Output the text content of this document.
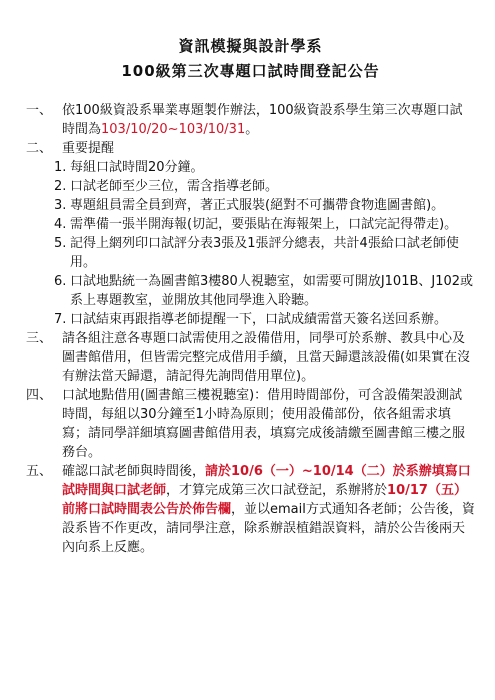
資訊模擬與設計學系
100級第三次專題口試時間登記公告
一、 依100級資設系畢業專題製作辦法，100級資設系學生第三次專題口試時間為103/10/20~103/10/31。
二、 重要提醒
1. 每組口試時間20分鐘。
2. 口試老師至少三位，需含指導老師。
3. 專題組員需全員到齊，著正式服裝(絕對不可攜帶食物進圖書館)。
4. 需準備一張半開海報(切記，要張貼在海報架上，口試完記得帶走)。
5. 記得上網列印口試評分表3張及1張評分總表，共計4張給口試老師使用。
6. 口試地點統一為圖書館3樓80人視聽室，如需要可開放J101B、J102或系上專題教室，並開放其他同學進入聆聽。
7. 口試結束再跟指導老師提醒一下，口試成績需當天簽名送回系辦。
三、 請各組注意各專題口試需使用之設備借用，同學可於系辦、教具中心及圖書館借用，但皆需完整完成借用手續，且當天歸還該設備(如果實在沒有辦法當天歸還，請記得先詢問借用單位)。
四、 口試地點借用(圖書館三樓視聽室)：借用時間部份，可含設備架設測試時間，每組以30分鐘至1小時為原則；使用設備部份，依各組需求填寫；請同學詳細填寫圖書館借用表，填寫完成後請繳至圖書館三樓之服務台。
五、 確認口試老師與時間後，請於10/6（一）~10/14（二）於系辦填寫口試時間與口試老師，才算完成第三次口試登記，系辦將於10/17（五）前將口試時間表公告於佈告欄，並以email方式通知各老師；公告後，資設系皆不作更改，請同學注意，除系辦誤植錯誤資料，請於公告後兩天內向系上反應。
